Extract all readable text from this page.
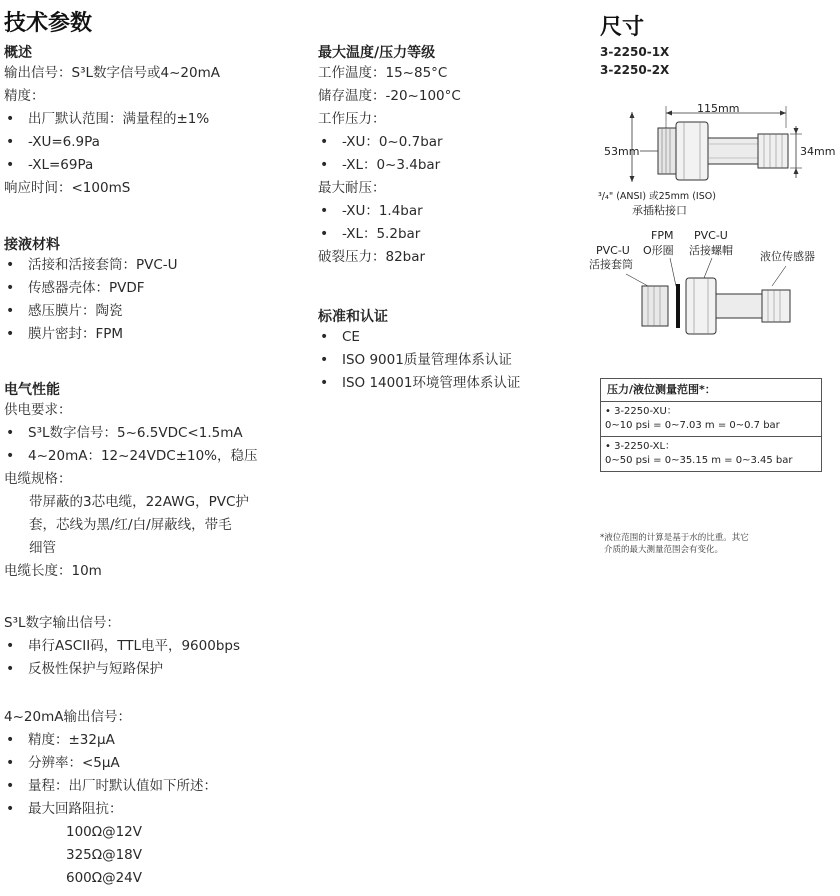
技术参数
概述

输出信号：S³L数字信号或4~20mA

精度：

• 出厂默认范围：满量程的±1%
• -XU=6.9Pa
• -XL=69Pa

响应时间：<100mS

接液材料
• 活接和活接套筒：PVC-U
• 传感器壳体：PVDF
• 感压膜片：陶瓷
• 膜片密封：FPM
电气性能

供电要求：

• S³L数字信号：5~6.5VDC<1.5mA
• 4~20mA：12~24VDC±10%，稳压

电缆规格：

带屏蔽的3芯电缆，22AWG，PVC护

套，芯线为黑/红/白/屏蔽线，带毛

细管

电缆长度：10m

S³L数字输出信号：

• 串行ASCII码，TTL电平，9600bps
• 反极性保护与短路保护

4~20mA输出信号：

• 精度：±32μA
• 分辨率：<5μA
• 量程：出厂时默认值如下所述：
• 最大回路阻抗：

100Ω@12V

325Ω@18V

600Ω@24V

最大温度/压力等级

工作温度：15~85°C

储存温度：-20~100°C

工作压力：

• -XU：0~0.7bar
• -XL：0~3.4bar

最大耐压：

• -XU：1.4bar
• -XL：5.2bar

破裂压力：82bar

标准和认证
• CE
• ISO 9001质量管理体系认证
• ISO 14001环境管理体系认证
尺寸
3-2250-1X
3-2250-2X
115mm
53mm	34mm
³/₄" (ANSI) 或25mm (ISO)
承插粘接口
FPM
O形圈
PVC-U
活接螺帽
PVC-U
活接套筒
液位传感器
压力/液位测量范围*：
• 3-2250-XU：
0~10 psi = 0~7.03 m = 0~0.7 bar
• 3-2250-XL：
0~50 psi = 0~35.15 m = 0~3.45 bar
*液位范围的计算是基于水的比重。其它
介质的最大测量范围会有变化。
